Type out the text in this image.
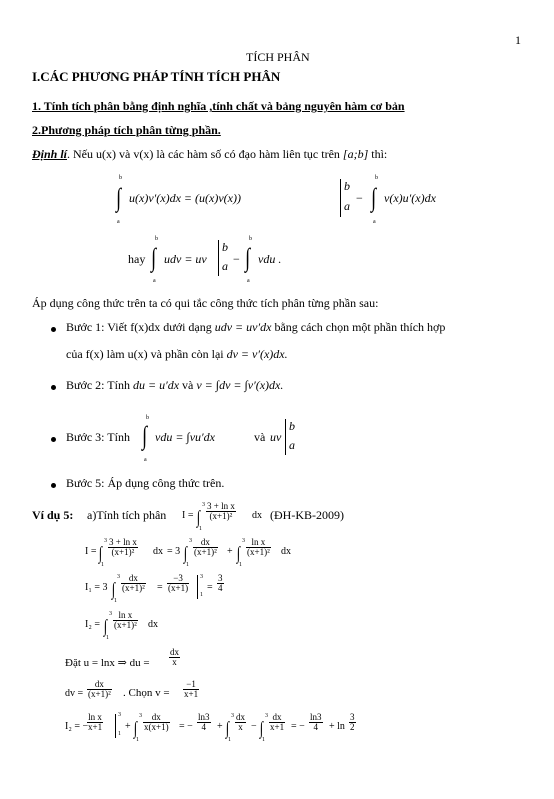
1
TÍCH PHÂN
I.CÁC PHƯƠNG PHÁP TÍNH TÍCH PHÂN
1. Tính tích phân bằng định nghĩa ,tính chất và bảng nguyên hàm cơ bản
2.Phương pháp tích phân từng phần.
Định lí. Nếu u(x) và v(x) là các hàm số có đạo hàm liên tục trên [a;b] thì:
b
a
∫ u(x)v′(x)dx = (u(x)v(x))
b
a
−
b
a
∫ v(x)u′(x)dx
hay
b
a
∫ udv = uv
b
a −
b
a
∫ vdu .
Áp dụng công thức trên ta có qui tắc công thức tích phân từng phần sau:
Bước 1: Viết f(x)dx dưới dạng udv = uv′dx bằng cách chọn một phần thích hợp
của f(x) làm u(x) và phần còn lại dv = v′(x)dx.
Bước 2: Tính du = u′dx và v = ∫dv = ∫v′(x)dx.
Bước 3: Tính
b
a
∫ vdu = ∫vu′dx	và uv
b
a
Bước 5: Áp dụng công thức trên.
Ví dụ 5: a)Tính tích phân I = ∫
3
1
$\frac{\text{3 + ln x}}{\text{(x+1)²}}$ dx (ĐH-KB-2009)
I = ∫
3
1
$\frac{\text{3 + ln x}}{\text{(x+1)²}}$ dx = 3 ∫
3
1
$\frac{dx}{\text{(x+1)²}}$ + ∫
3
1
$\frac{\text{ln x}}{\text{(x+1)²}}$ dx
I₁ = 3 ∫
3
1
$\frac{dx}{\text{(x+1)²}} = \frac{-3}{(x+1)} 3$
1
= $\frac{3}{4}$
I₂ = ∫
3
1
$\frac{\text{ln x}}{\text{(x+1)²}}$ dx
Đặt u = lnx ⇒ du = $\frac{dx}{x}$
dv = $\frac{dx}{\text{(x+1)²}}$ . Chọn $v = \frac{-1}{x+1}$
I₂ = −
$\frac{\text{ln x}}{x+1} 3$
1
+ ∫
3
1
$\frac{dx}{x(x+1)}$ = − $\frac{\ln 3}{4}$ + ∫
3
1
$\frac{dx}{x}$ − ∫
3
1
$\frac{dx}{x+1}$ = − $\frac{\ln 3}{4} + \ln \frac{3}{2}$
